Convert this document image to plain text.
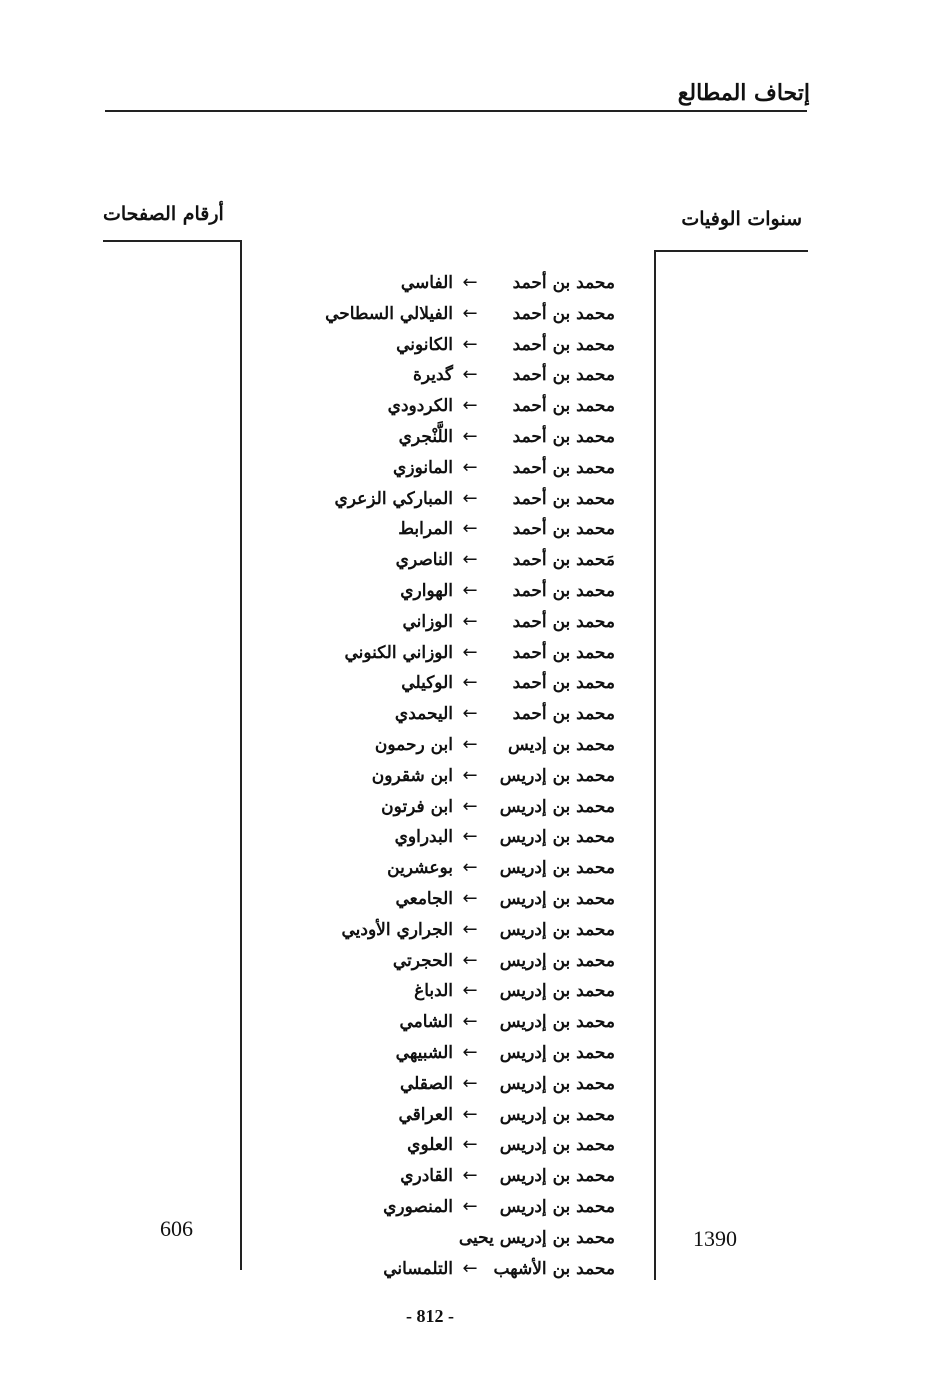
إتحاف المطالع
سنوات الوفيات
أرقام الصفحات
محمد بن أحمد
←
الفاسي
محمد بن أحمد
←
الفيلالي السطاحي
محمد بن أحمد
←
الكانوني
محمد بن أحمد
←
گديرة
محمد بن أحمد
←
الكردودي
محمد بن أحمد
←
اللَّنْجري
محمد بن أحمد
←
المانوزي
محمد بن أحمد
←
المباركي الزعري
محمد بن أحمد
←
المرابط
مَحمد بن أحمد
←
الناصري
محمد بن أحمد
←
الهواري
محمد بن أحمد
←
الوزاني
محمد بن أحمد
←
الوزاني الكنوني
محمد بن أحمد
←
الوكيلي
محمد بن أحمد
←
اليحمدي
محمد بن إديس
←
ابن رحمون
محمد بن إدريس
←
ابن شقرون
محمد بن إدريس
←
ابن فرتون
محمد بن إدريس
←
البدراوي
محمد بن إدريس
←
بوعشرين
محمد بن إدريس
←
الجامعي
محمد بن إدريس
←
الجراري الأوديي
محمد بن إدريس
←
الحجرتي
محمد بن إدريس
←
الدباغ
محمد بن إدريس
←
الشامي
محمد بن إدريس
←
الشبيهي
محمد بن إدريس
←
الصقلي
محمد بن إدريس
←
العراقي
محمد بن إدريس
←
العلوي
محمد بن إدريس
←
القادري
محمد بن إدريس
←
المنصوري
محمد بن إدريس يحيى
محمد بن الأشهب
←
التلمساني
1390
606
- 812 -
